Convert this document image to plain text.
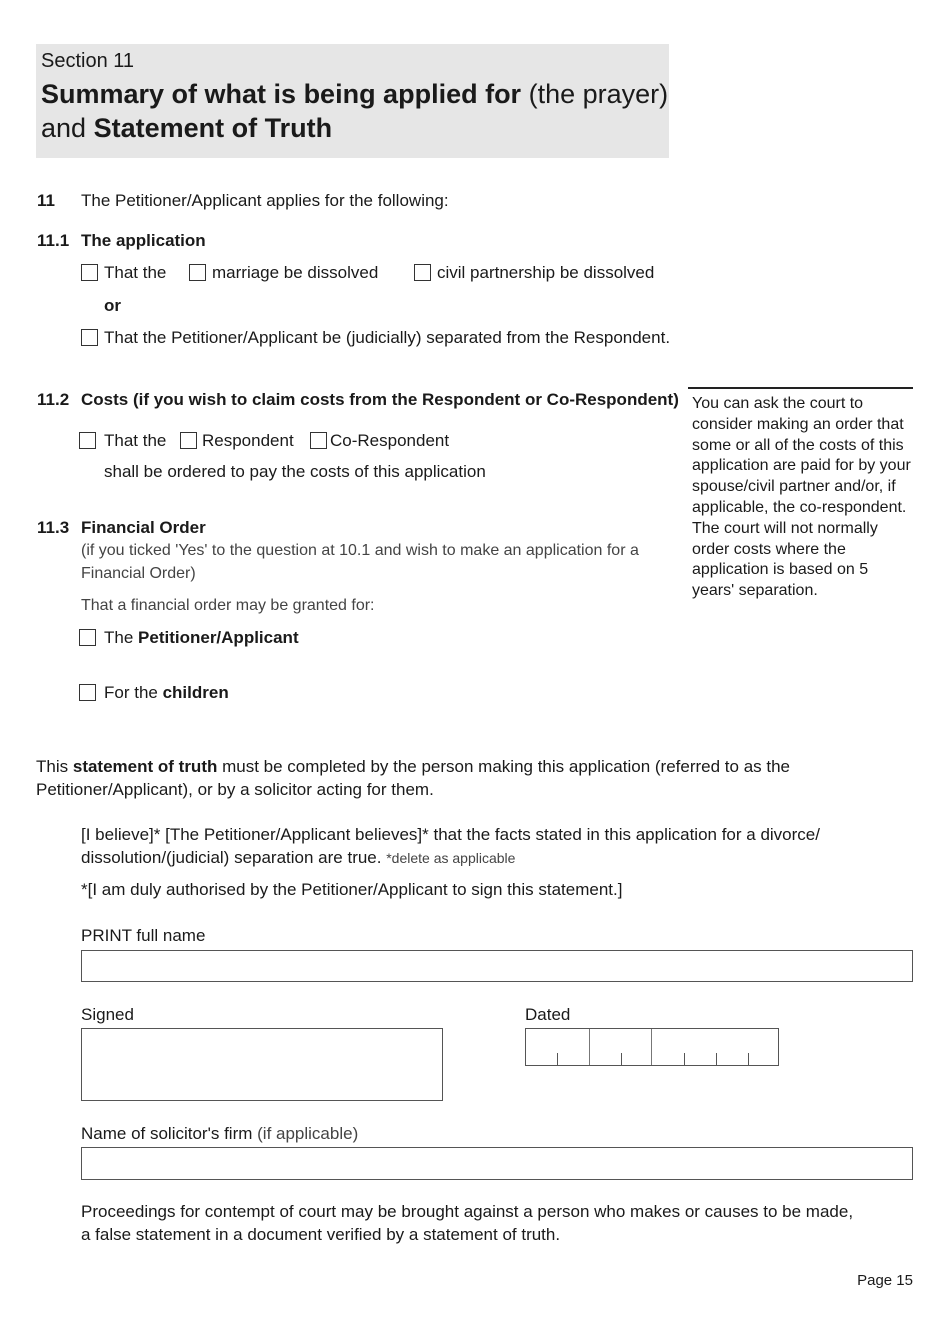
Section 11
Summary of what is being applied for (the prayer)
and Statement of Truth
11 The Petitioner/Applicant applies for the following:
11.1 The application
That the	marriage be dissolved	civil partnership be dissolved
or
That the Petitioner/Applicant be (judicially) separated from the Respondent.
11.2 Costs (if you wish to claim costs from the Respondent or Co-Respondent) You can ask the court to consider making an order that some or all of the costs of this application are paid for by your spouse/civil partner and/or, if applicable, the co-respondent. The court will not normally order costs where the application is based on 5 years' separation.
That the Respondent Co-Respondent
shall be ordered to pay the costs of this application
11.3 Financial Order
(if you ticked 'Yes' to the question at 10.1 and wish to make an application for a
Financial Order)
That a financial order may be granted for:
The Petitioner/Applicant
For the children
This statement of truth must be completed by the person making this application (referred to as the
Petitioner/Applicant), or by a solicitor acting for them.
[I believe]* [The Petitioner/Applicant believes]* that the facts stated in this application for a divorce/
dissolution/(judicial) separation are true. *delete as applicable
*[I am duly authorised by the Petitioner/Applicant to sign this statement.]
PRINT full name
Signed	Dated
Name of solicitor's firm (if applicable)
Proceedings for contempt of court may be brought against a person who makes or causes to be made,
a false statement in a document verified by a statement of truth.
Page 15
